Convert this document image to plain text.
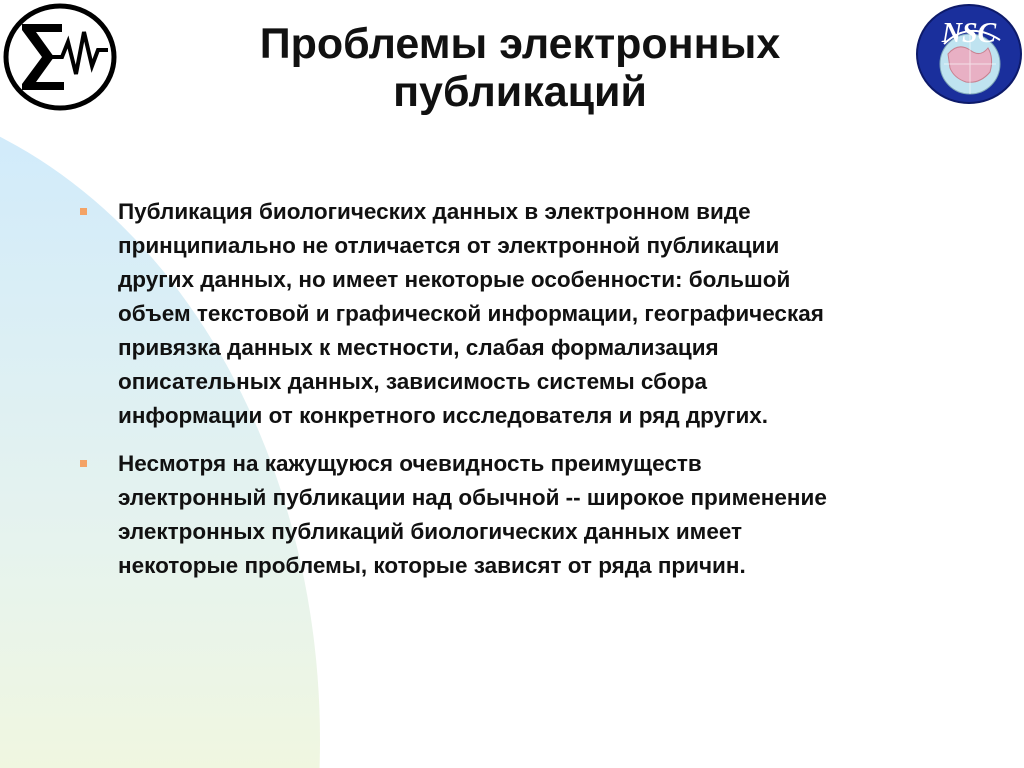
NSC
Проблемы электронных
публикаций
Публикация биологических данных в электронном виде
принципиально не отличается от электронной публикации
других данных, но имеет некоторые особенности: большой
объем текстовой и графической информации, географическая
привязка данных к местности, слабая формализация
описательных данных, зависимость системы сбора
информации от конкретного исследователя и ряд других.
Несмотря на кажущуюся очевидность преимуществ
электронный публикации над обычной -- широкое применение
электронных публикаций биологических данных имеет
некоторые проблемы, которые зависят от ряда причин.
